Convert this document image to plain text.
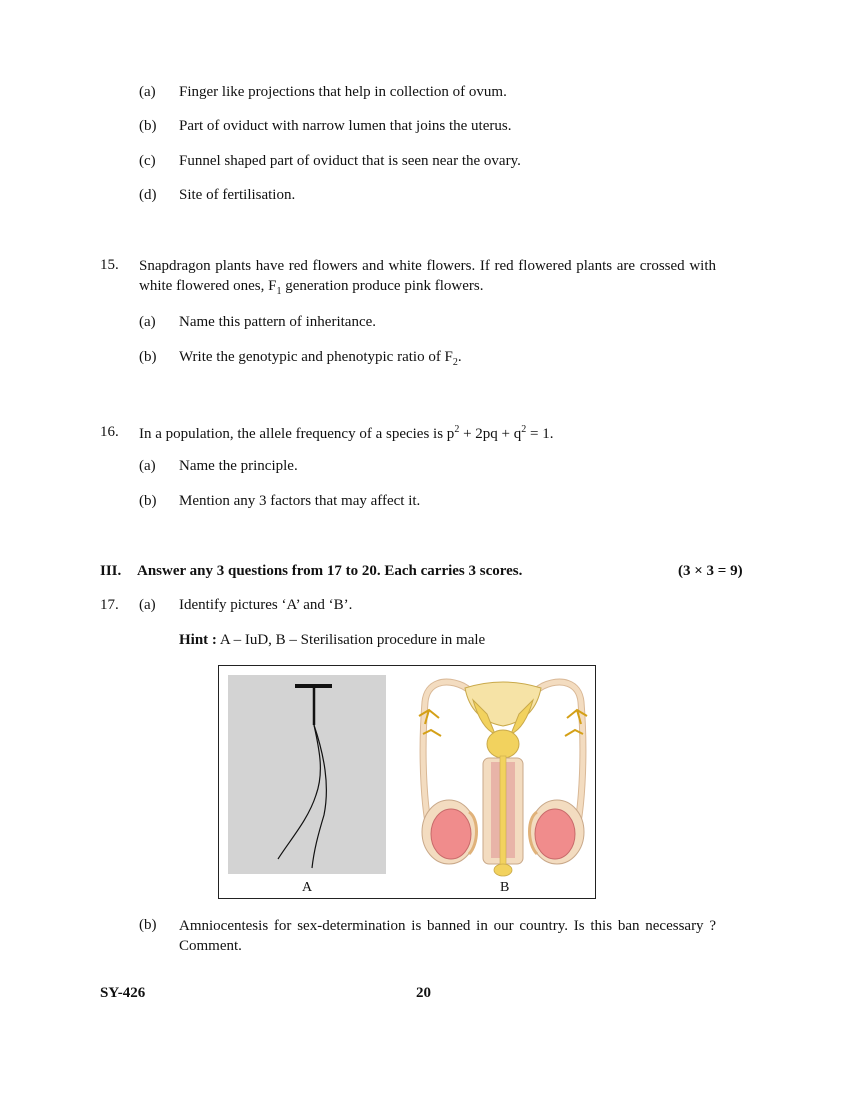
(a) Finger like projections that help in collection of ovum.
(b) Part of oviduct with narrow lumen that joins the uterus.
(c) Funnel shaped part of oviduct that is seen near the ovary.
(d) Site of fertilisation.
15. Snapdragon plants have red flowers and white flowers. If red flowered plants are crossed with white flowered ones, $F_1$ generation produce pink flowers.
(a) Name this pattern of inheritance.
(b) Write the genotypic and phenotypic ratio of $F_2$.
16. In a population, the allele frequency of a species is $p^2 + 2pq + q^2 = 1$.
(a) Name the principle.
(b) Mention any 3 factors that may affect it.
III. Answer any 3 questions from 17 to 20. Each carries 3 scores.	(3 × 3 = 9)
17. (a) Identify pictures ‘A’ and ‘B’.
Hint : A – IuD, B – Sterilisation procedure in male
A	B
(b) Amniocentesis for sex-determination is banned in our country. Is this ban necessary ? Comment.
SY-426	20
